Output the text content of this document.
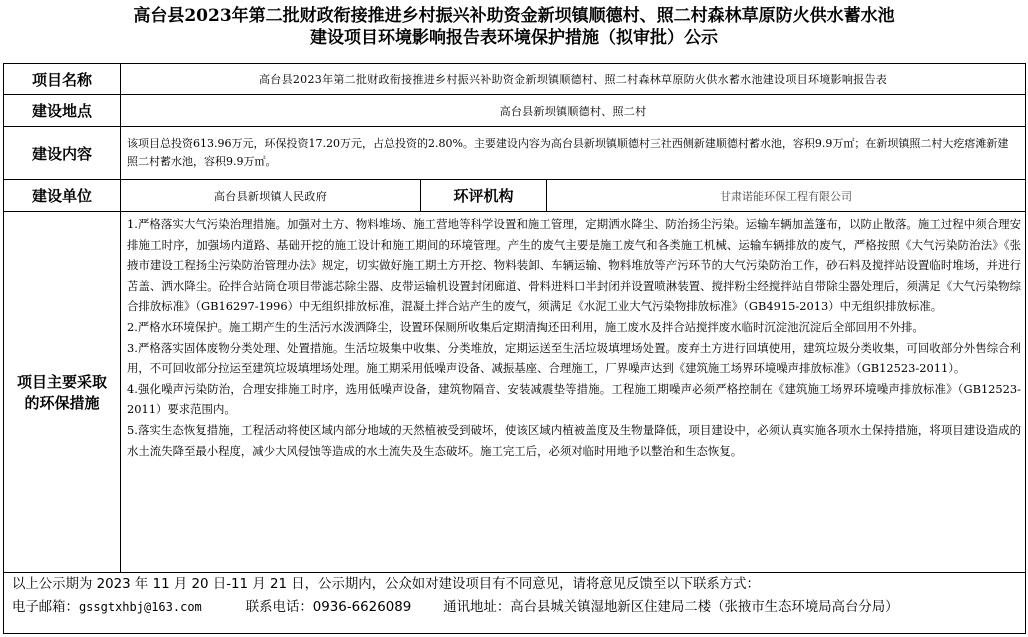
高台县2023年第二批财政衔接推进乡村振兴补助资金新坝镇顺德村、照二村森林草原防火供水蓄水池
建设项目环境影响报告表环境保护措施（拟审批）公示
项目名称	高台县2023年第二批财政衔接推进乡村振兴补助资金新坝镇顺德村、照二村森林草原防火供水蓄水池建设项目环境影响报告表		
建设地点	高台县新坝镇顺德村、照二村		
建设内容	该项目总投资613.96万元，环保投资17.20万元，占总投资的2.80%。主要建设内容为高台县新坝镇顺德村三社西侧新建顺德村蓄水池，容积9.9万㎡；在新坝镇照二村大疙瘩滩新建照二村蓄水池，容积9.9万㎡。		
建设单位	高台县新坝镇人民政府	环评机构	甘肃诺能环保工程有限公司
项目主要采取的环保措施	1.严格落实大气污染治理措施。加强对土方、物料堆场、施工营地等科学设置和施工管理，定期洒水降尘、防治扬尘污染。运输车辆加盖篷布，以防止散落。施工过程中须合理安排施工时序，加强场内道路、基础开挖的施工设计和施工期间的环境管理。产生的废气主要是施工废气和各类施工机械、运输车辆排放的废气，严格按照《大气污染防治法》《张掖市建设工程扬尘污染防治管理办法》规定，切实做好施工期土方开挖、物料装卸、车辆运输、物料堆放等产污环节的大气污染防治工作，砂石料及搅拌站设置临时堆场，并进行苫盖、洒水降尘。砼拌合站筒仓项目带滤芯除尘器、皮带运输机设置封闭廊道、骨料进料口半封闭并设置喷淋装置、搅拌粉尘经搅拌站自带除尘器处理后，须满足《大气污染物综合排放标准》（GB16297-1996）中无组织排放标准，混凝土拌合站产生的废气，须满足《水泥工业大气污染物排放标准》（GB4915-2013）中无组织排放标准。

2.严格水环境保护。施工期产生的生活污水泼洒降尘，设置环保厕所收集后定期清掏还田利用，施工废水及拌合站搅拌废水临时沉淀池沉淀后全部回用不外排。

3.严格落实固体废物分类处理、处置措施。生活垃圾集中收集、分类堆放，定期运送至生活垃圾填埋场处置。废弃土方进行回填使用，建筑垃圾分类收集，可回收部分外售综合利用，不可回收部分拉运至建筑垃圾填埋场处理。施工期采用低噪声设备、减振基座、合理施工，厂界噪声达到《建筑施工场界环境噪声排放标准》（GB12523-2011）。

4.强化噪声污染防治，合理安排施工时序，选用低噪声设备，建筑物隔音、安装减震垫等措施。工程施工期噪声必须严格控制在《建筑施工场界环境噪声排放标准》（GB12523-2011）要求范围内。

5.落实生态恢复措施，工程活动将使区域内部分地域的天然植被受到破坏，使该区域内植被盖度及生物量降低，项目建设中，必须认真实施各项水土保持措施，将项目建设造成的水土流失降至最小程度，减少大风侵蚀等造成的水土流失及生态破坏。施工完工后，必须对临时用地予以整治和生态恢复。		

以上公示期为 2023 年 11 月 20 日-11 月 21 日，公示期内，公众如对建设项目有不同意见，请将意见反馈至以下联系方式：
电子邮箱：gssgtxhbj@163.com 联系电话：0936-6626089 通讯地址：高台县城关镇湿地新区住建局二楼（张掖市生态环境局高台分局）			
